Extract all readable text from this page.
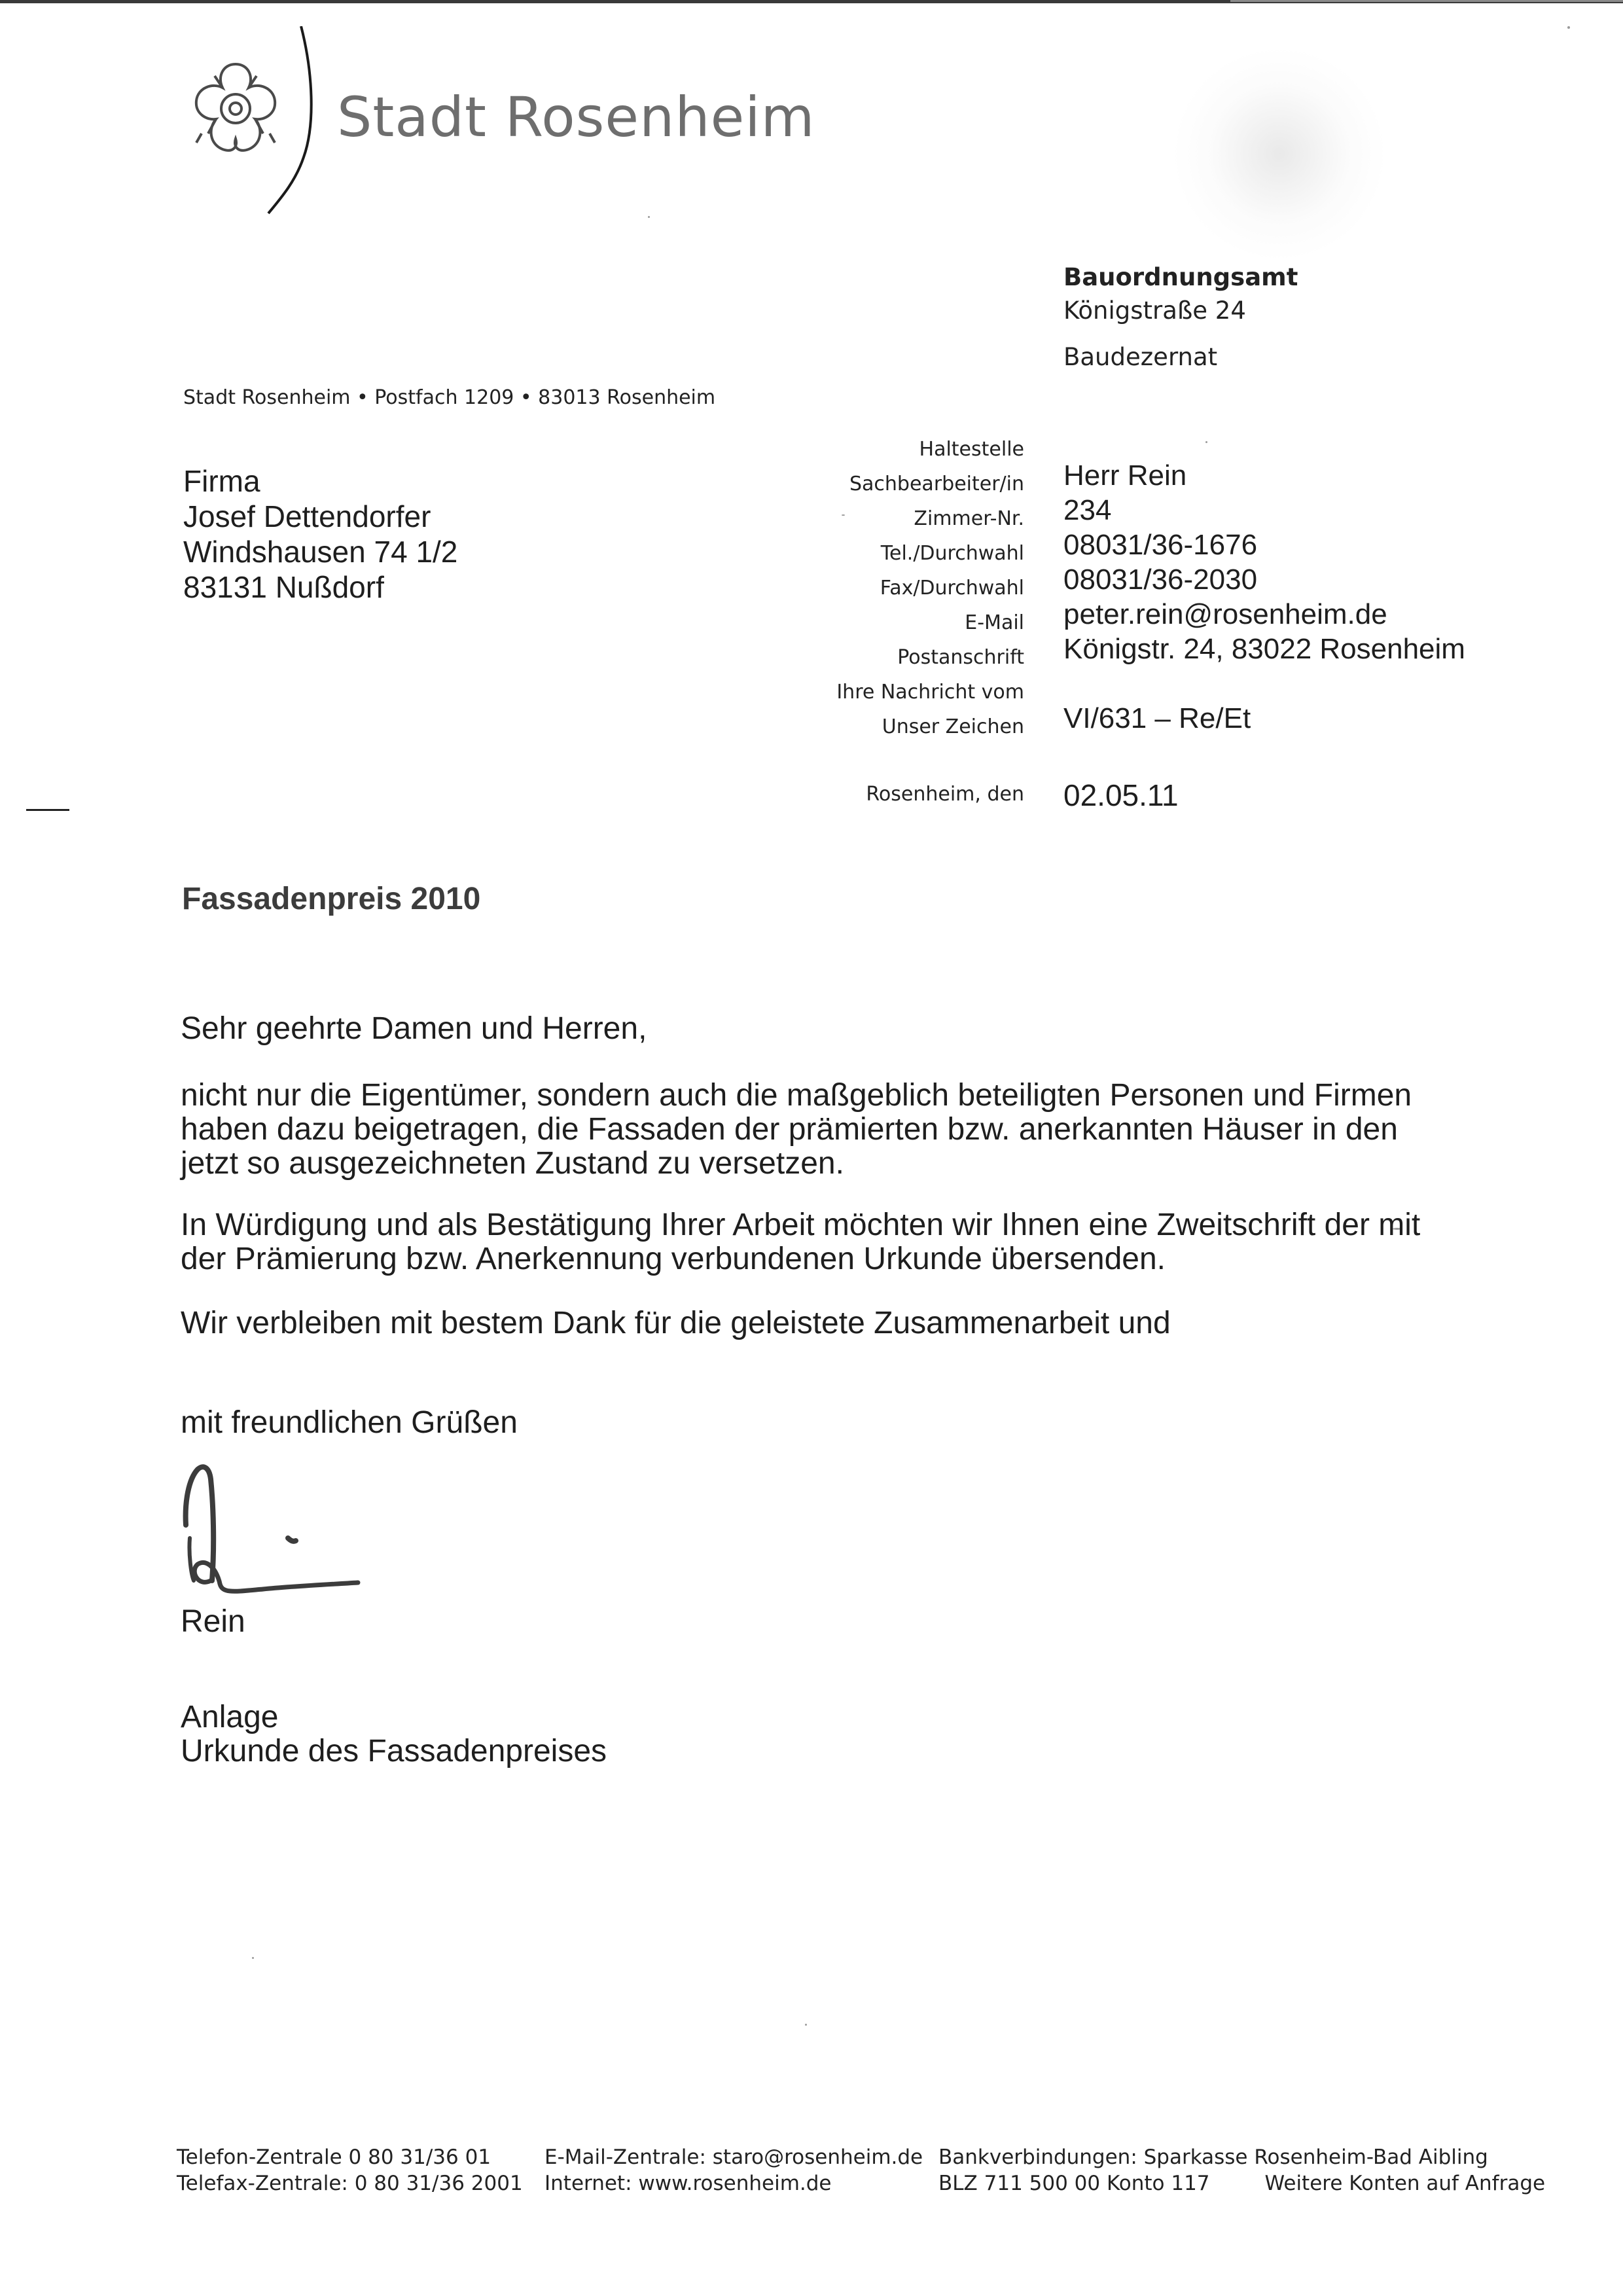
Stadt Rosenheim
Bauordnungsamt
Königstraße 24
Baudezernat
Stadt Rosenheim • Postfach 1209 • 83013 Rosenheim
Firma
Josef Dettendorfer
Windshausen 74 1/2
83131 Nußdorf
Haltestelle
Sachbearbeiter/in
Zimmer-Nr.
Tel./Durchwahl
Fax/Durchwahl
E-Mail
Postanschrift
Ihre Nachricht vom
Unser Zeichen
Herr Rein
234
08031/36-1676
08031/36-2030
peter.rein@rosenheim.de
Königstr. 24, 83022 Rosenheim
VI/631 – Re/Et
Rosenheim, den 02.05.11
Fassadenpreis 2010
Sehr geehrte Damen und Herren,
nicht nur die Eigentümer, sondern auch die maßgeblich beteiligten Personen und Firmen haben dazu beigetragen, die Fassaden der prämierten bzw. anerkannten Häuser in den jetzt so ausgezeichneten Zustand zu versetzen.
In Würdigung und als Bestätigung Ihrer Arbeit möchten wir Ihnen eine Zweitschrift der mit der Prämierung bzw. Anerkennung verbundenen Urkunde übersenden.
Wir verbleiben mit bestem Dank für die geleistete Zusammenarbeit und
mit freundlichen Grüßen
Rein
Anlage
Urkunde des Fassadenpreises
Telefon-Zentrale 0 80 31/36 01
Telefax-Zentrale: 0 80 31/36 2001
E-Mail-Zentrale: staro@rosenheim.de
Internet: www.rosenheim.de
Bankverbindungen: Sparkasse Rosenheim-Bad Aibling
BLZ 711 500 00 Konto 117	Weitere Konten auf Anfrage
